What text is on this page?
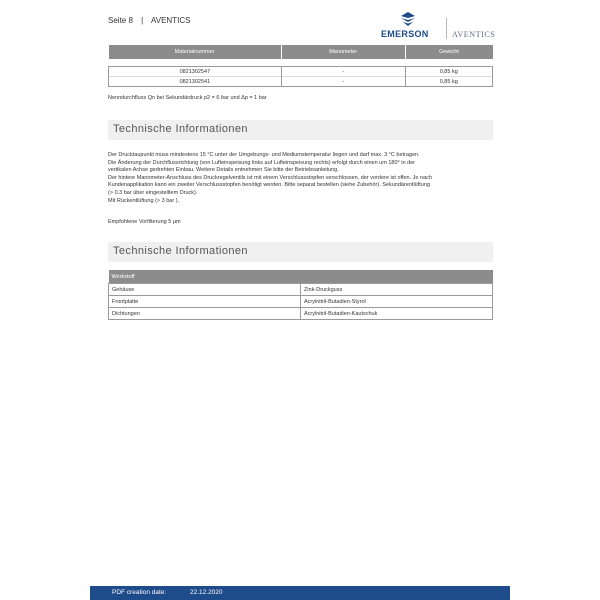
Seite 8 | AVENTICS
EMERSON	AVENTICS
Materialnummer	Manometer	Gewicht

0821302547	-	0,85 kg
0821302541	-	0,85 kg
Nenndurchfluss Qn bei Sekundärdruck p2 = 6 bar und Δp = 1 bar
Technische Informationen

Der Drucktaupunkt muss mindestens 15 °C unter der Umgebungs- und Mediumstemperatur liegen und darf max. 3 °C betragen.

Die Änderung der Durchflussrichtung (von Lufteinspeisung links auf Lufteinspeisung rechts) erfolgt durch einen um 180° in der

vertikalen Achse gedrehten Einbau. Weitere Details entnehmen Sie bitte der Betriebsanleitung.

Der hintere Manometer-Anschluss des Druckregelventils ist mit einem Verschlussstopfen verschlossen, der vordere ist offen. Je nach

Kundenapplikation kann ein zweiter Verschlussstopfen benötigt werden. Bitte separat bestellen (siehe Zubehör). Sekundärentlüftung

(> 0.3 bar über eingestelltem Druck).

Mit Rückentlüftung (> 3 bar ).

Empfohlene Vorfilterung 5 µm

Technische Informationen
Werkstoff	
Gehäuse	Zink-Druckguss
Frontplatte	Acrylnitril-Butadien-Styrol
Dichtungen	Acrylnitril-Butadien-Kautschuk
PDF creation date:	22.12.2020
